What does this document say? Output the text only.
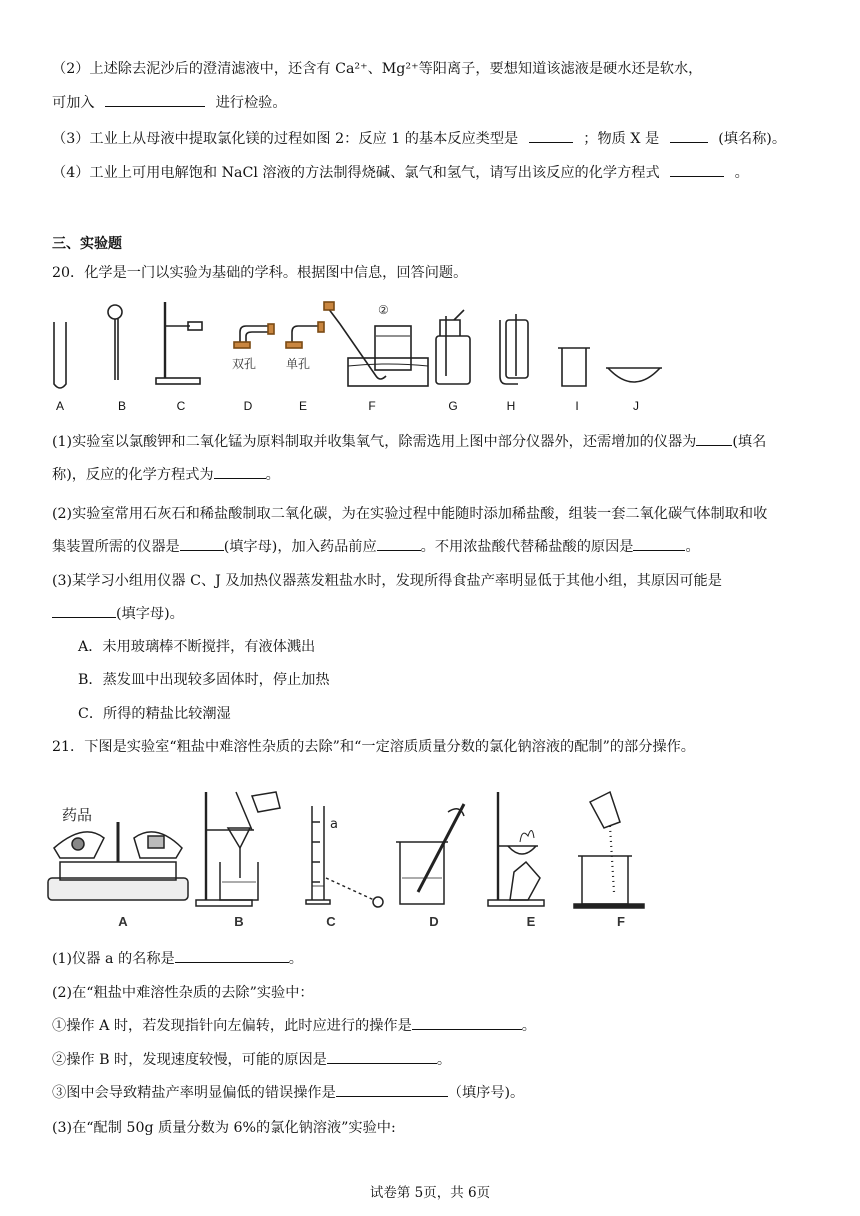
（2）上述除去泥沙后的澄清滤液中，还含有 Ca²⁺、Mg²⁺等阳离子，要想知道该滤液是硬水还是软水，
可加入	进行检验。
（3）工业上从母液中提取氯化镁的过程如图 2：反应 1 的基本反应类型是	；物质 X 是	(填名称)。
（4）工业上可用电解饱和 NaCl 溶液的方法制得烧碱、氯气和氢气，请写出该反应的化学方程式	。
三、实验题
20．化学是一门以实验为基础的学科。根据图中信息，回答问题。
双孔 单孔
②
A	B	C	D	E	F	G	H	I	J
(1)实验室以氯酸钾和二氧化锰为原料制取并收集氧气，除需选用上图中部分仪器外，还需增加的仪器为	(填名
称)，反应的化学方程式为	。
(2)实验室常用石灰石和稀盐酸制取二氧化碳，为在实验过程中能随时添加稀盐酸，组装一套二氧化碳气体制取和收
集装置所需的仪器是	(填字母)，加入药品前应	。不用浓盐酸代替稀盐酸的原因是	。
(3)某学习小组用仪器 C、J 及加热仪器蒸发粗盐水时，发现所得食盐产率明显低于其他小组，其原因可能是
(填字母)。
A．未用玻璃棒不断搅拌，有液体溅出
B．蒸发皿中出现较多固体时，停止加热
C．所得的精盐比较潮湿
21．下图是实验室“粗盐中难溶性杂质的去除”和“一定溶质质量分数的氯化钠溶液的配制”的部分操作。
药品
a
A	B	C	D	E	F
(1)仪器 a 的名称是	。
(2)在“粗盐中难溶性杂质的去除”实验中：
①操作 A 时，若发现指针向左偏转，此时应进行的操作是	。
②操作 B 时，发现速度较慢，可能的原因是	。
③图中会导致精盐产率明显偏低的错误操作是	（填序号)。
(3)在“配制 50g 质量分数为 6%的氯化钠溶液”实验中:
试卷第 5页，共 6页
